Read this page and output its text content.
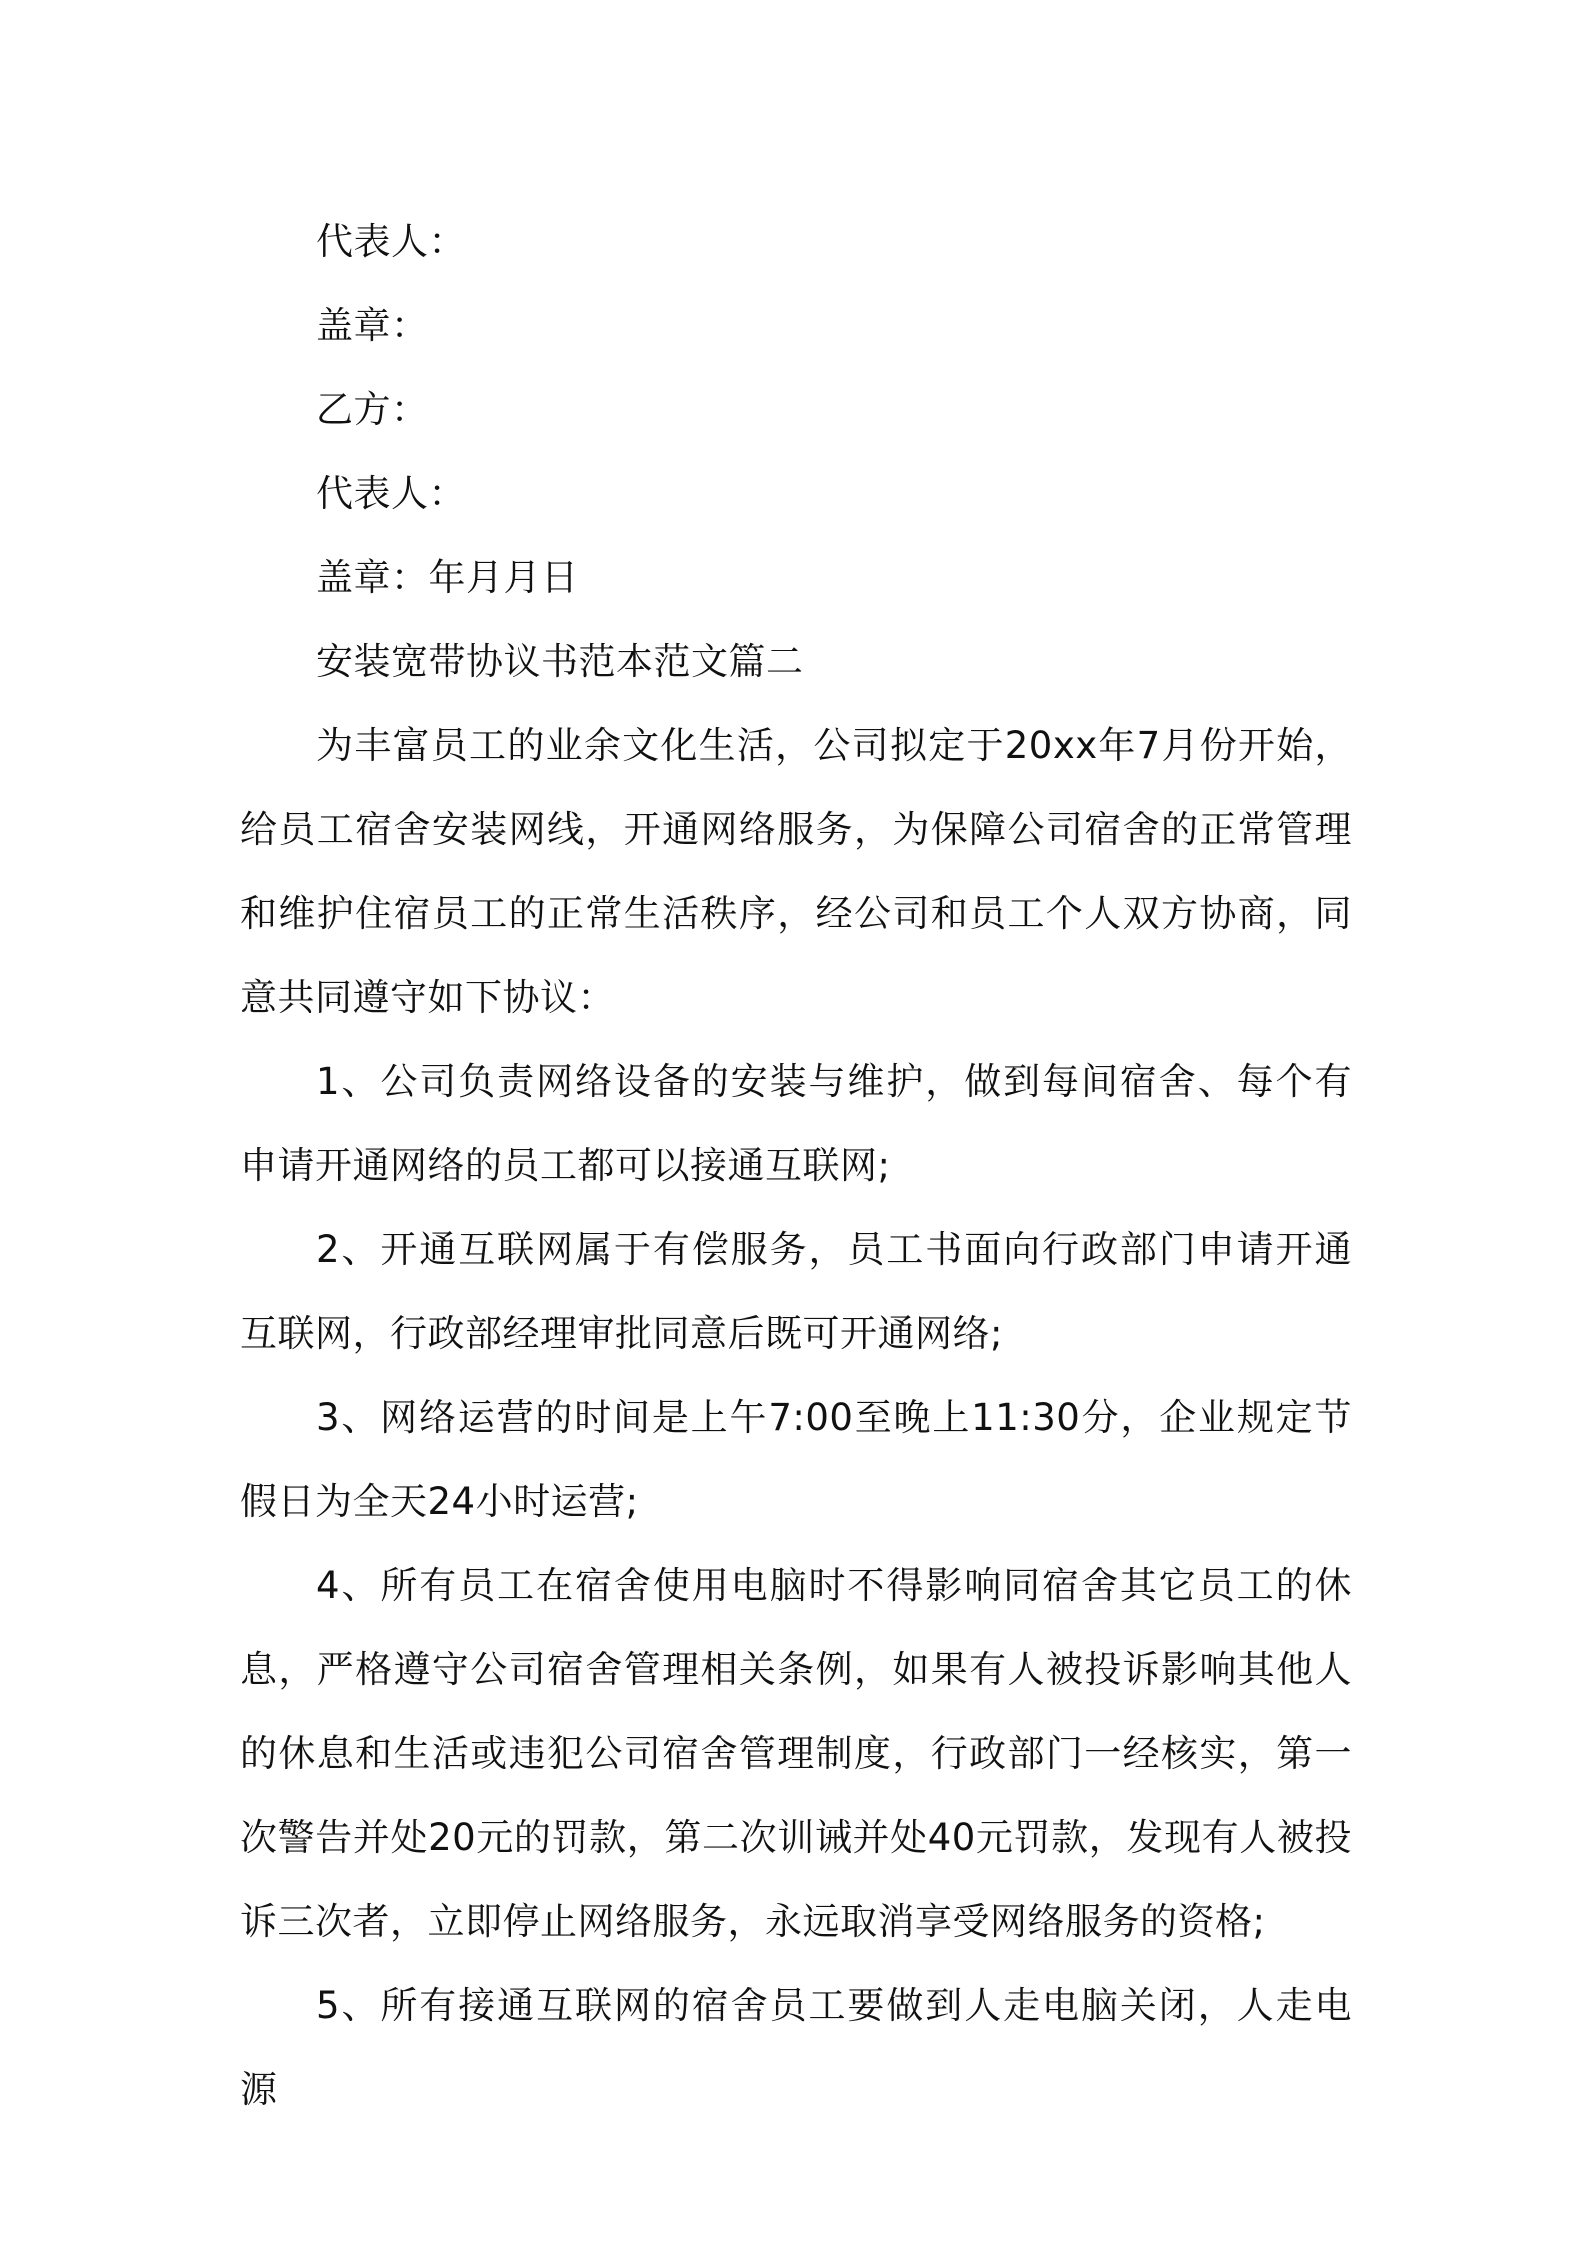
代表人：
盖章：
乙方：
代表人：
盖章：年月月日
安装宽带协议书范本范文篇二

为丰富员工的业余文化生活，公司拟定于20xx年7月份开始，给员工宿舍安装网线，开通网络服务，为保障公司宿舍的正常管理和维护住宿员工的正常生活秩序，经公司和员工个人双方协商，同意共同遵守如下协议：

1、公司负责网络设备的安装与维护，做到每间宿舍、每个有申请开通网络的员工都可以接通互联网;

2、开通互联网属于有偿服务，员工书面向行政部门申请开通互联网，行政部经理审批同意后既可开通网络;

3、网络运营的时间是上午7:00至晚上11:30分，企业规定节假日为全天24小时运营;

4、所有员工在宿舍使用电脑时不得影响同宿舍其它员工的休息，严格遵守公司宿舍管理相关条例，如果有人被投诉影响其他人的休息和生活或违犯公司宿舍管理制度，行政部门一经核实，第一次警告并处20元的罚款，第二次训诫并处40元罚款，发现有人被投诉三次者，立即停止网络服务，永远取消享受网络服务的资格;

5、所有接通互联网的宿舍员工要做到人走电脑关闭，人走电源
